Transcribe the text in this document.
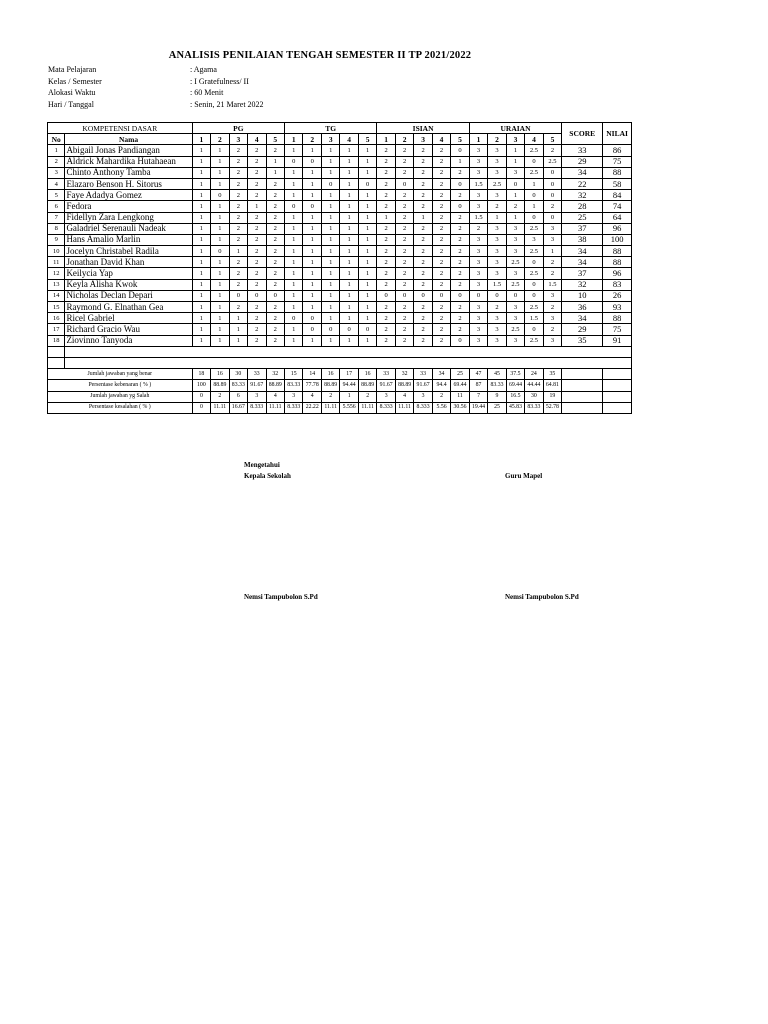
ANALISIS PENILAIAN TENGAH SEMESTER II TP 2021/2022
Mata Pelajaran	: Agama
Kelas / Semester	: I Gratefulness/ II
Alokasi Waktu	: 60 Menit
Hari / Tanggal	: Senin, 21 Maret 2022
KOMPETENSI DASAR		PG					TG					ISIAN					URAIAN					SCORE	NILAI
No	Nama	1	2	3	4	5	1	2	3	4	5	1	2	3	4	5	1	2	3	4	5		
1	Abigail Jonas Pandiangan	1	1	2	2	2	1	1	1	1	1	2	2	2	2	0	3	3	1	2.5	2	33	86
2	Aldrick Mahardika Hutahaean	1	1	2	2	1	0	0	1	1	1	2	2	2	2	1	3	3	1	0	2.5	29	75
3	Chinto Anthony Tamba	1	1	2	2	1	1	1	1	1	1	2	2	2	2	2	3	3	3	2.5	0	34	88
4	Elazaro Benson H. Sitorus	1	1	2	2	2	1	1	0	1	0	2	0	2	2	0	1.5	2.5	0	1	0	22	58
5	Faye Adadya Gomez	1	0	2	2	2	1	1	1	1	1	2	2	2	2	2	3	3	1	0	0	32	84
6	Fedora	1	1	2	1	2	0	0	1	1	1	2	2	2	2	0	3	2	2	1	2	28	74
7	Fidellyn Zara Lengkong	1	1	2	2	2	1	1	1	1	1	1	2	1	2	2	1.5	1	1	0	0	25	64
8	Galadriel Serenauli Nadeak	1	1	2	2	2	1	1	1	1	1	2	2	2	2	2	2	3	3	2.5	3	37	96
9	Hans Amalio Marlin	1	1	2	2	2	1	1	1	1	1	2	2	2	2	2	3	3	3	3	3	38	100
10	Jocelyn Christabel Radila	1	0	1	2	2	1	1	1	1	1	2	2	2	2	2	3	3	3	2.5	1	34	88
11	Jonathan David Khan	1	1	2	2	2	1	1	1	1	1	2	2	2	2	2	3	3	2.5	0	2	34	88
12	Keilycia Yap	1	1	2	2	2	1	1	1	1	1	2	2	2	2	2	3	3	3	2.5	2	37	96
13	Keyla Alisha Kwok	1	1	2	2	2	1	1	1	1	1	2	2	2	2	2	3	1.5	2.5	0	1.5	32	83
14	Nicholas Declan Depari	1	1	0	0	0	1	1	1	1	1	0	0	0	0	0	0	0	0	0	3	10	26
15	Raymond G. Elnathan Gea	1	1	2	2	2	1	1	1	1	1	2	2	2	2	2	3	2	3	2.5	2	36	93
16	Ricel Gabriel	1	1	1	2	2	0	0	1	1	1	2	2	2	2	2	3	3	3	1.5	3	34	88
17	Richard Gracio Wau	1	1	1	2	2	1	0	0	0	0	2	2	2	2	2	3	3	2.5	0	2	29	75
18	Ziovinno Tanyoda	1	1	1	2	2	1	1	1	1	1	2	2	2	2	0	3	3	3	2.5	3	35	91

Jumlah jawaban yang benar		18	16	30	33	32	15	14	16	17	16	33	32	33	34	25	47	45	37.5	24	35		
Persentase kebenaran ( % )		100	88.89	83.33	91.67	88.89	83.33	77.78	88.89	94.44	88.89	91.67	88.89	91.67	94.4	69.44	87	83.33	69.44	44.44	64.81		
Jumlah jawaban yg Salah		0	2	6	3	4	3	4	2	1	2	3	4	3	2	11	7	9	16.5	30	19		
Persentase kesalahan ( % )		0	11.11	16.67	8.333	11.11	8.333	22.22	11.11	5.556	11.11	8.333	11.11	8.333	5.56	30.56	19.44	25	45.83	83.33	52.78		
Mengetahui
Kepala Sekolah	Guru Mapel
Nemsi Tampubolon S.Pd	Nemsi Tampubolon S.Pd
